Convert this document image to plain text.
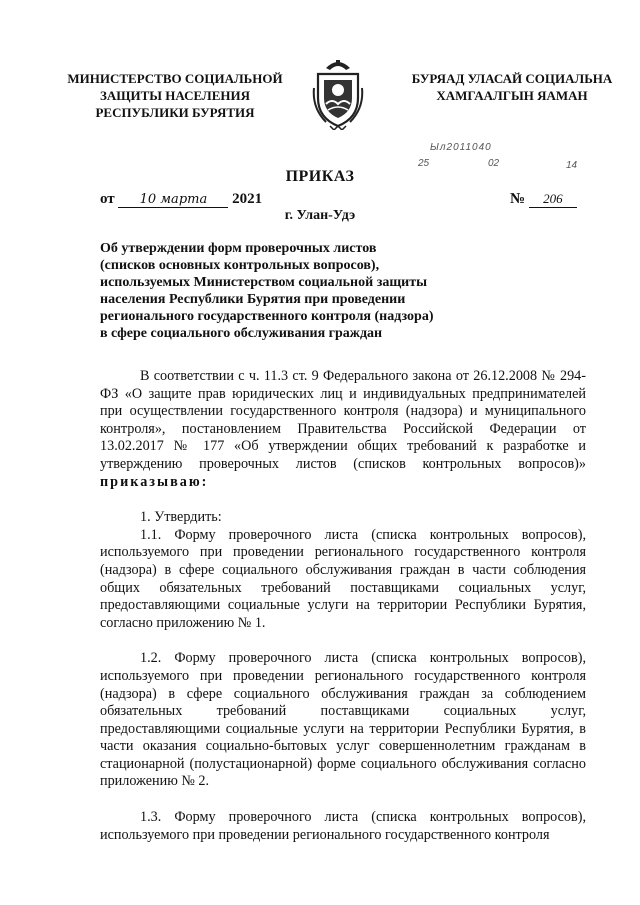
МИНИСТЕРСТВО СОЦИАЛЬНОЙ
ЗАЩИТЫ НАСЕЛЕНИЯ
РЕСПУБЛИКИ БУРЯТИЯ
БУРЯАД УЛАСАЙ СОЦИАЛЬНА
ХАМГААЛГЫН ЯАМАН
Ыл2011040
25	02	14
ПРИКАЗ
от 10 марта 2021	№ 206
г. Улан-Удэ
Об утверждении форм проверочных листов
(списков основных контрольных вопросов),
используемых Министерством социальной защиты
населения Республики Бурятия при проведении
регионального государственного контроля (надзора)
в сфере социального обслуживания граждан

В соответствии с ч. 11.3 ст. 9 Федерального закона от 26.12.2008 № 294-ФЗ «О защите прав юридических лиц и индивидуальных предпринимателей при осуществлении государственного контроля (надзора) и муниципального контроля», постановлением Правительства Российской Федерации от 13.02.2017 № 177 «Об утверждении общих требований к разработке и утверждению проверочных листов (списков контрольных вопросов)» приказываю:

1. Утвердить:

1.1. Форму проверочного листа (списка контрольных вопросов), используемого при проведении регионального государственного контроля (надзора) в сфере социального обслуживания граждан в части соблюдения общих обязательных требований поставщиками социальных услуг, предоставляющими социальные услуги на территории Республики Бурятия, согласно приложению № 1.

1.2. Форму проверочного листа (списка контрольных вопросов), используемого при проведении регионального государственного контроля (надзора) в сфере социального обслуживания граждан за соблюдением обязательных требований поставщиками социальных услуг, предоставляющими социальные услуги на территории Республики Бурятия, в части оказания социально-бытовых услуг совершеннолетним гражданам в стационарной (полустационарной) форме социального обслуживания согласно приложению № 2.

1.3. Форму проверочного листа (списка контрольных вопросов), используемого при проведении регионального государственного контроля
